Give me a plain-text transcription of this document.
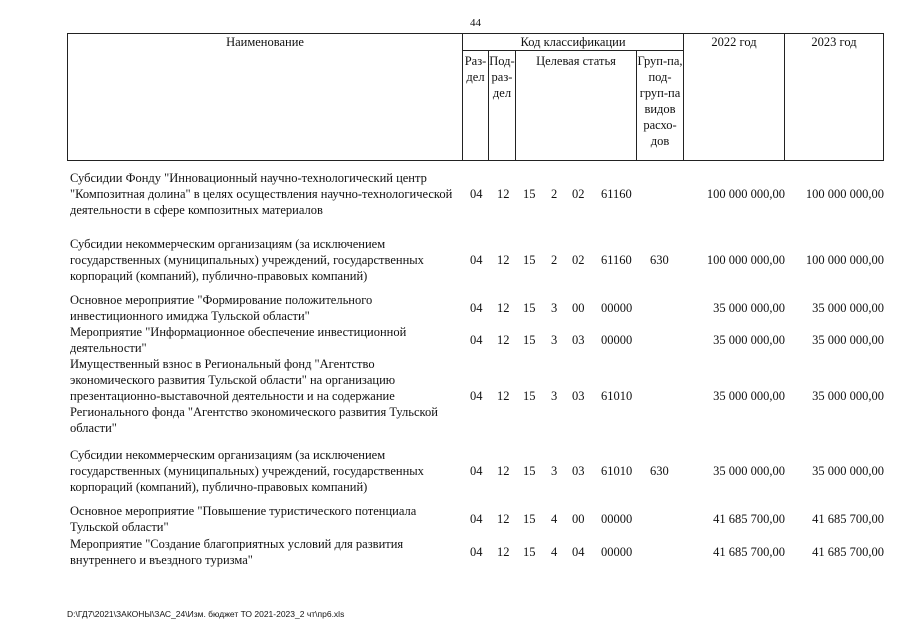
44
Наименование	Код классификации				2022 год	2023 год
	Раз-дел	Под-раз-дел	Целевая статья	Груп-па, под-груп-па видов расхо-дов		
Субсидии Фонду "Инновационный научно-технологический центр "Композитная долина" в целях осуществления научно-технологической деятельности в сфере композитных материалов
04 12 15 2 02 61160	100 000 000,00	100 000 000,00
Субсидии некоммерческим организациям (за исключением государственных (муниципальных) учреждений, государственных корпораций (компаний), публично-правовых компаний)
04 12 15 2 02 61160 630	100 000 000,00	100 000 000,00
Основное мероприятие "Формирование положительного инвестиционного имиджа Тульской области"
04 12 15 3 00 00000	35 000 000,00	35 000 000,00
Мероприятие "Информационное обеспечение инвестиционной деятельности"
04 12 15 3 03 00000	35 000 000,00	35 000 000,00
Имущественный взнос в Региональный фонд "Агентство экономического развития Тульской области" на организацию презентационно-выставочной деятельности и на содержание Регионального фонда "Агентство экономического развития Тульской области"
04 12 15 3 03 61010	35 000 000,00	35 000 000,00
Субсидии некоммерческим организациям (за исключением государственных (муниципальных) учреждений, государственных корпораций (компаний), публично-правовых компаний)
04 12 15 3 03 61010 630	35 000 000,00	35 000 000,00
Основное мероприятие "Повышение туристического потенциала Тульской области"
04 12 15 4 00 00000	41 685 700,00	41 685 700,00
Мероприятие "Создание благоприятных условий для развития внутреннего и въездного туризма"
04 12 15 4 04 00000	41 685 700,00	41 685 700,00
D:\ГД7\2021\ЗАКОНЫ\ЗАС_24\Изм. бюджет ТО 2021-2023_2 чт\пр6.xls
